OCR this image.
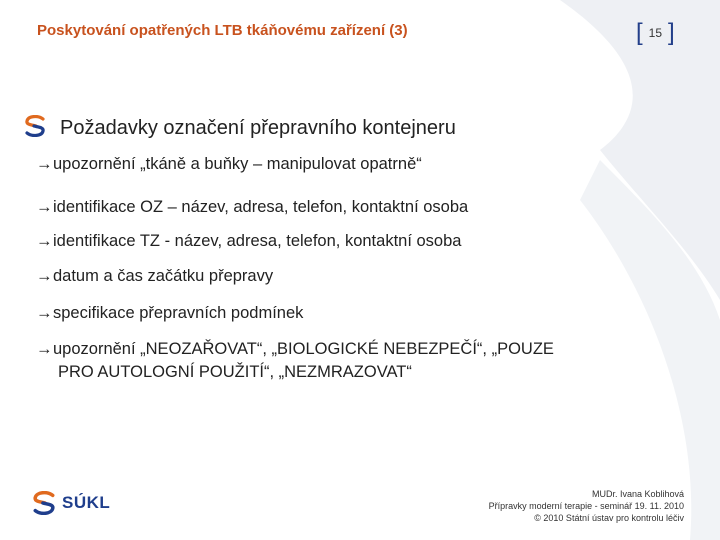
Poskytování opatřených LTB tkáňovému zařízení (3)	[ 15 ]
Požadavky označení přepravního kontejneru
→upozornění „tkáně a buňky – manipulovat opatrně“
→identifikace OZ – název, adresa, telefon, kontaktní osoba
→identifikace TZ - název, adresa, telefon, kontaktní osoba
→datum a čas začátku přepravy
→specifikace přepravních podmínek
→upozornění „NEOZAŘOVAT“, „BIOLOGICKÉ NEBEZPEČÍ“, „POUZE
PRO AUTOLOGNÍ POUŽITÍ“, „NEZMRAZOVAT“
SÚKL	MUDr. Ivana Koblihová
Přípravky moderní terapie - seminář 19. 11. 2010
© 2010 Státní ústav pro kontrolu léčiv
